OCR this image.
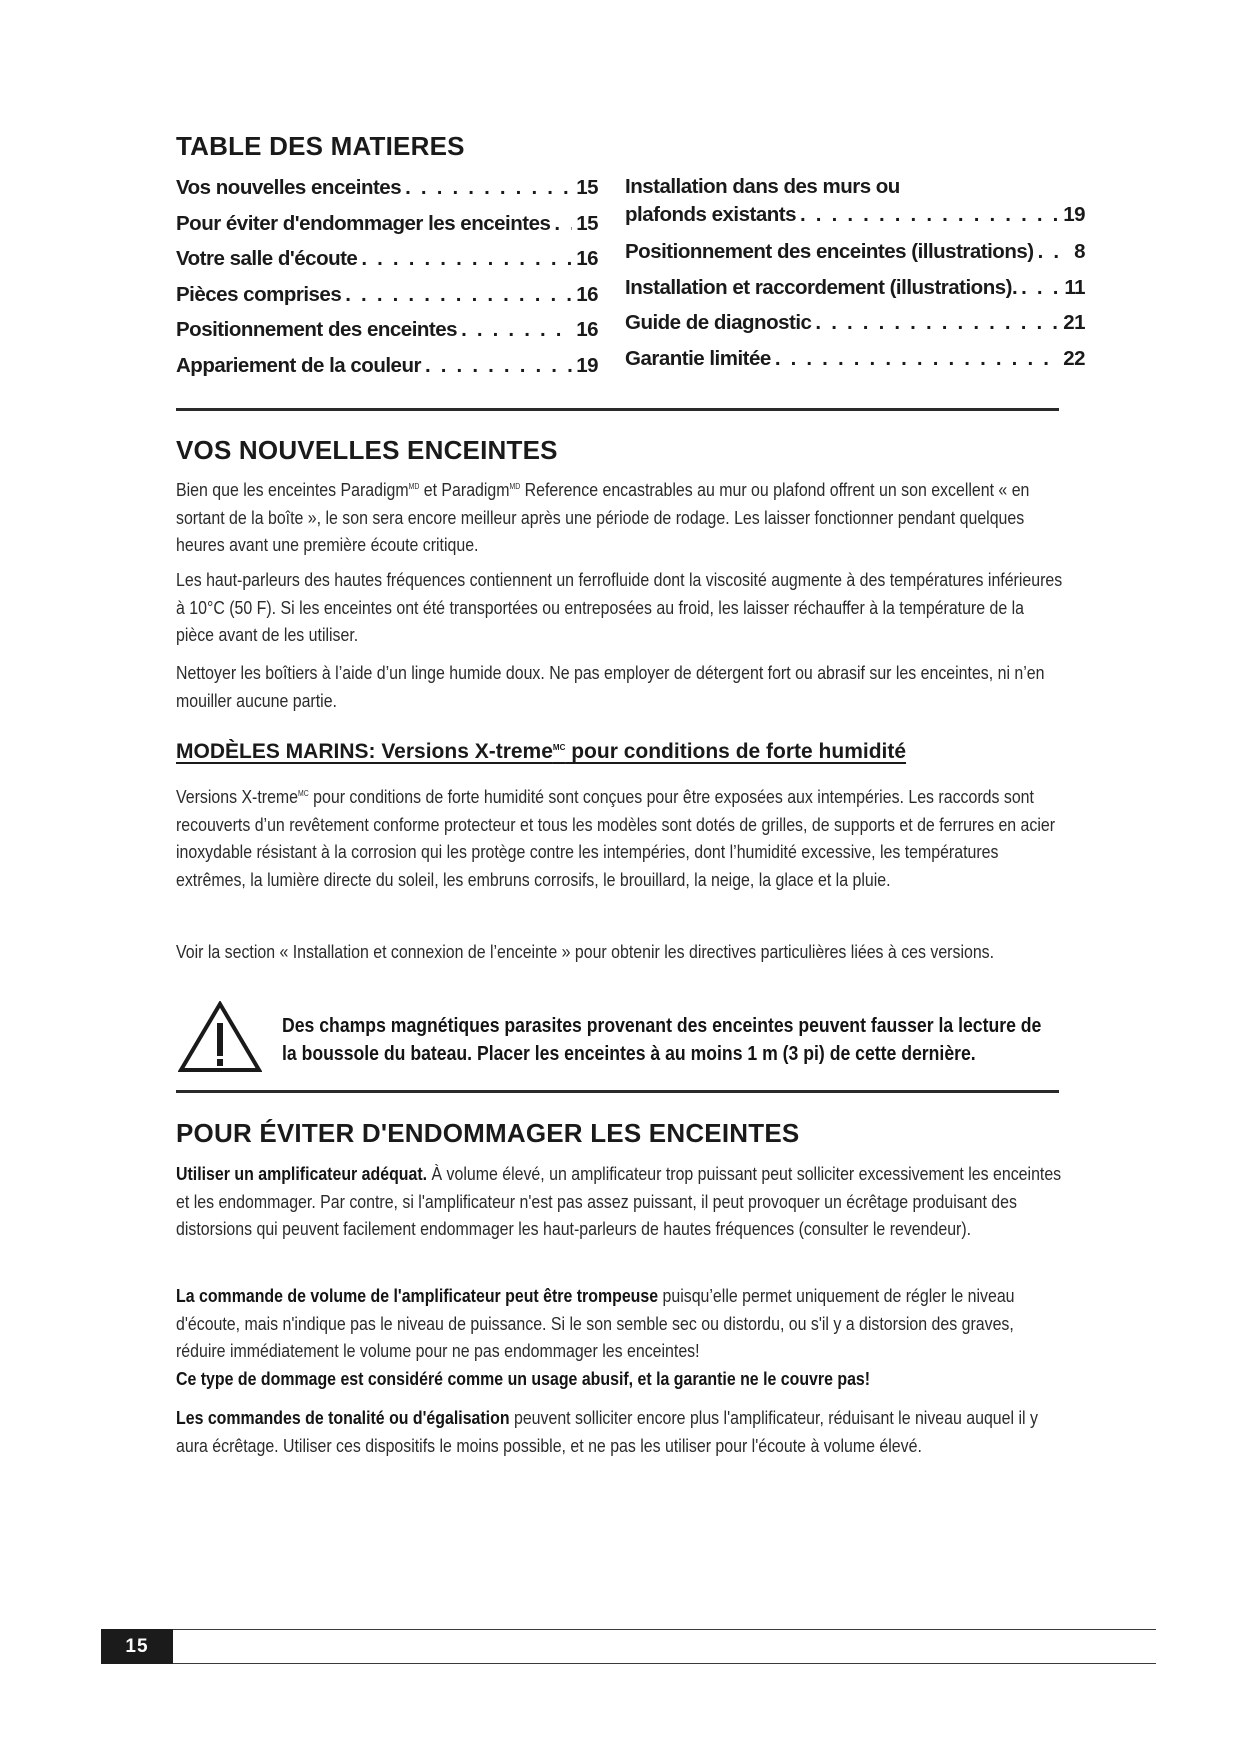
TABLE DES MATIERES
Vos nouvelles enceintes . . .	15
Pour éviter d'endommager les enceintes . . . 15
Votre salle d'écoute . . .	16
Pièces comprises . . .	16
Positionnement des enceintes . . .	16
Appariement de la couleur . . .	19
Installation dans des murs ou
plafonds existants . . .	19
Positionnement des enceintes (illustrations) . . . 8
Installation et raccordement (illustrations). . . . 11
Guide de diagnostic . . .	21
Garantie limitée . . .	22
VOS NOUVELLES ENCEINTES

Bien que les enceintes Paradigm$^{MD}$ et Paradigm$^{MD}$ Reference encastrables au mur ou plafond offrent un son excellent « en sortant de la boîte », le son sera encore meilleur après une période de rodage. Les laisser fonctionner pendant quelques heures avant une première écoute critique.

Les haut-parleurs des hautes fréquences contiennent un ferrofluide dont la viscosité augmente à des températures inférieures à 10°C (50 F). Si les enceintes ont été transportées ou entreposées au froid, les laisser réchauffer à la température de la pièce avant de les utiliser.

Nettoyer les boîtiers à l’aide d’un linge humide doux. Ne pas employer de détergent fort ou abrasif sur les enceintes, ni n’en mouiller aucune partie.

MODÈLES MARINS: Versions X-treme$^{MC}$ pour conditions de forte humidité

Versions X-treme$^{MC}$ pour conditions de forte humidité sont conçues pour être exposées aux intempéries. Les raccords sont recouverts d’un revêtement conforme protecteur et tous les modèles sont dotés de grilles, de supports et de ferrures en acier inoxydable résistant à la corrosion qui les protège contre les intempéries, dont l’humidité excessive, les températures extrêmes, la lumière directe du soleil, les embruns corrosifs, le brouillard, la neige, la glace et la pluie.

Voir la section « Installation et connexion de l’enceinte » pour obtenir les directives particulières liées à ces versions.

Des champs magnétiques parasites provenant des enceintes peuvent fausser la lecture de la boussole du bateau. Placer les enceintes à au moins 1 m (3 pi) de cette dernière.

POUR ÉVITER D'ENDOMMAGER LES ENCEINTES

Utiliser un amplificateur adéquat. À volume élevé, un amplificateur trop puissant peut solliciter excessivement les enceintes et les endommager. Par contre, si l'amplificateur n'est pas assez puissant, il peut provoquer un écrêtage produisant des distorsions qui peuvent facilement endommager les haut-parleurs de hautes fréquences (consulter le revendeur).

La commande de volume de l'amplificateur peut être trompeuse puisqu’elle permet uniquement de régler le niveau d'écoute, mais n'indique pas le niveau de puissance. Si le son semble sec ou distordu, ou s'il y a distorsion des graves, réduire immédiatement le volume pour ne pas endommager les enceintes!
Ce type de dommage est considéré comme un usage abusif, et la garantie ne le couvre pas!

Les commandes de tonalité ou d'égalisation peuvent solliciter encore plus l'amplificateur, réduisant le niveau auquel il y aura écrêtage. Utiliser ces dispositifs le moins possible, et ne pas les utiliser pour l'écoute à volume élevé.

15
